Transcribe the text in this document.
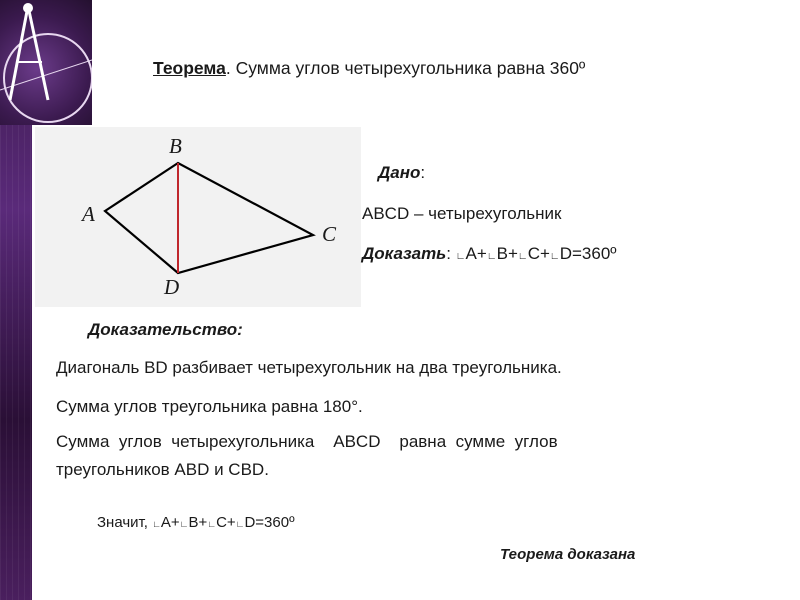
Теорема. Сумма углов четырехугольника равна 360º
B
A
C
D
Дано:
ABCD – четырехугольник
Доказать: ∟A+∟B+∟C+∟D=360º
Доказательство:
Диагональ BD разбивает четырехугольник на два треугольника.
Сумма углов треугольника равна 180°.
Сумма  углов  четырехугольника    ABCD    равна  сумме  углов
треугольников ABD и CBD.
Значит, ∟A+∟B+∟C+∟D=360º
Теорема доказана
